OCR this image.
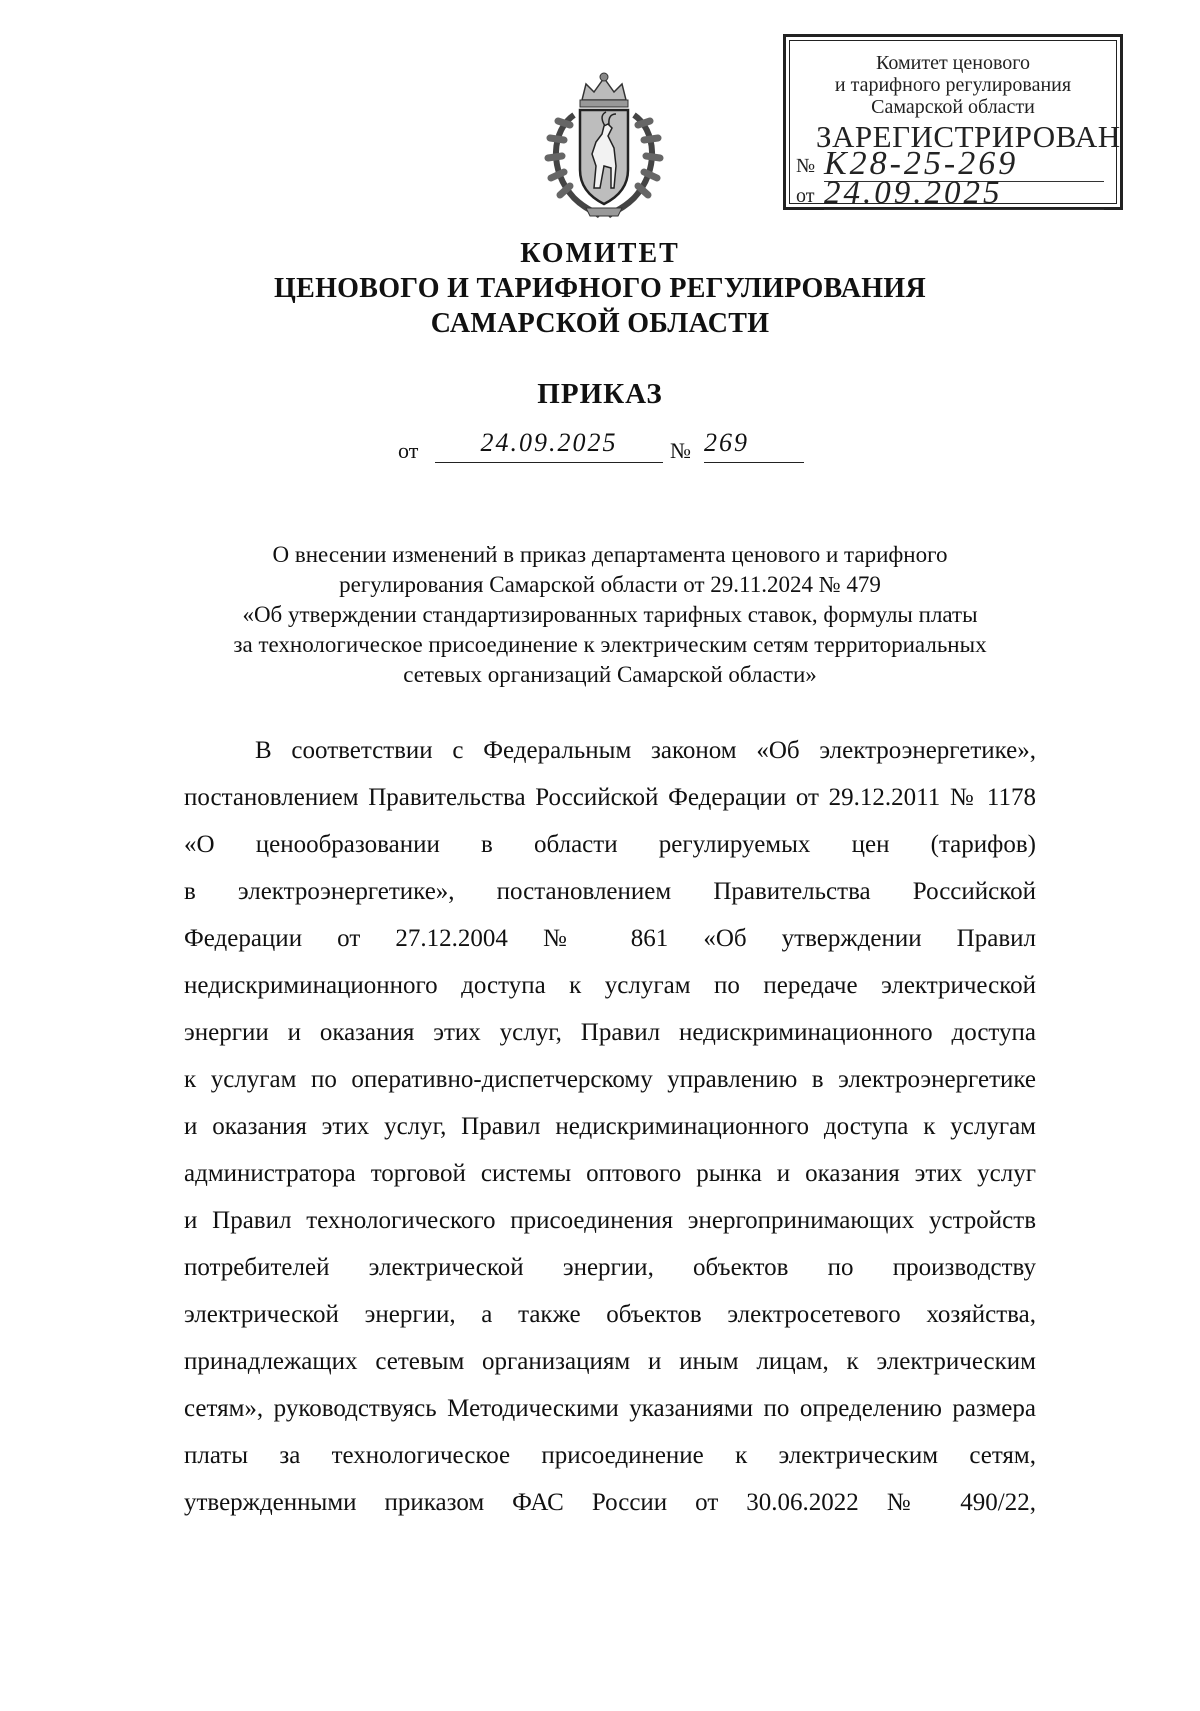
Комитет ценового
и тарифного регулирования
Самарской области
ЗАРЕГИСТРИРОВАН
№ К28-25-269
от 24.09.2025
КОМИТЕТ
ЦЕНОВОГО И ТАРИФНОГО РЕГУЛИРОВАНИЯ
САМАРСКОЙ ОБЛАСТИ
ПРИКАЗ
от	24.09.2025	№ 269
О внесении изменений в приказ департамента ценового и тарифного
регулирования Самарской области от 29.11.2024 № 479
«Об утверждении стандартизированных тарифных ставок, формулы платы
за технологическое присоединение к электрическим сетям территориальных
сетевых организаций Самарской области»
В соответствии с Федеральным законом «Об электроэнергетике»,
постановлением Правительства Российской Федерации от 29.12.2011 № 1178
«О ценообразовании в области регулируемых цен (тарифов)
в электроэнергетике», постановлением Правительства Российской
Федерации от 27.12.2004 № 861 «Об утверждении Правил
недискриминационного доступа к услугам по передаче электрической
энергии и оказания этих услуг, Правил недискриминационного доступа
к услугам по оперативно-диспетчерскому управлению в электроэнергетике
и оказания этих услуг, Правил недискриминационного доступа к услугам
администратора торговой системы оптового рынка и оказания этих услуг
и Правил технологического присоединения энергопринимающих устройств
потребителей электрической энергии, объектов по производству
электрической энергии, а также объектов электросетевого хозяйства,
принадлежащих сетевым организациям и иным лицам, к электрическим
сетям», руководствуясь Методическими указаниями по определению размера
платы за технологическое присоединение к электрическим сетям,
утвержденными приказом ФАС России от 30.06.2022 № 490/22,
